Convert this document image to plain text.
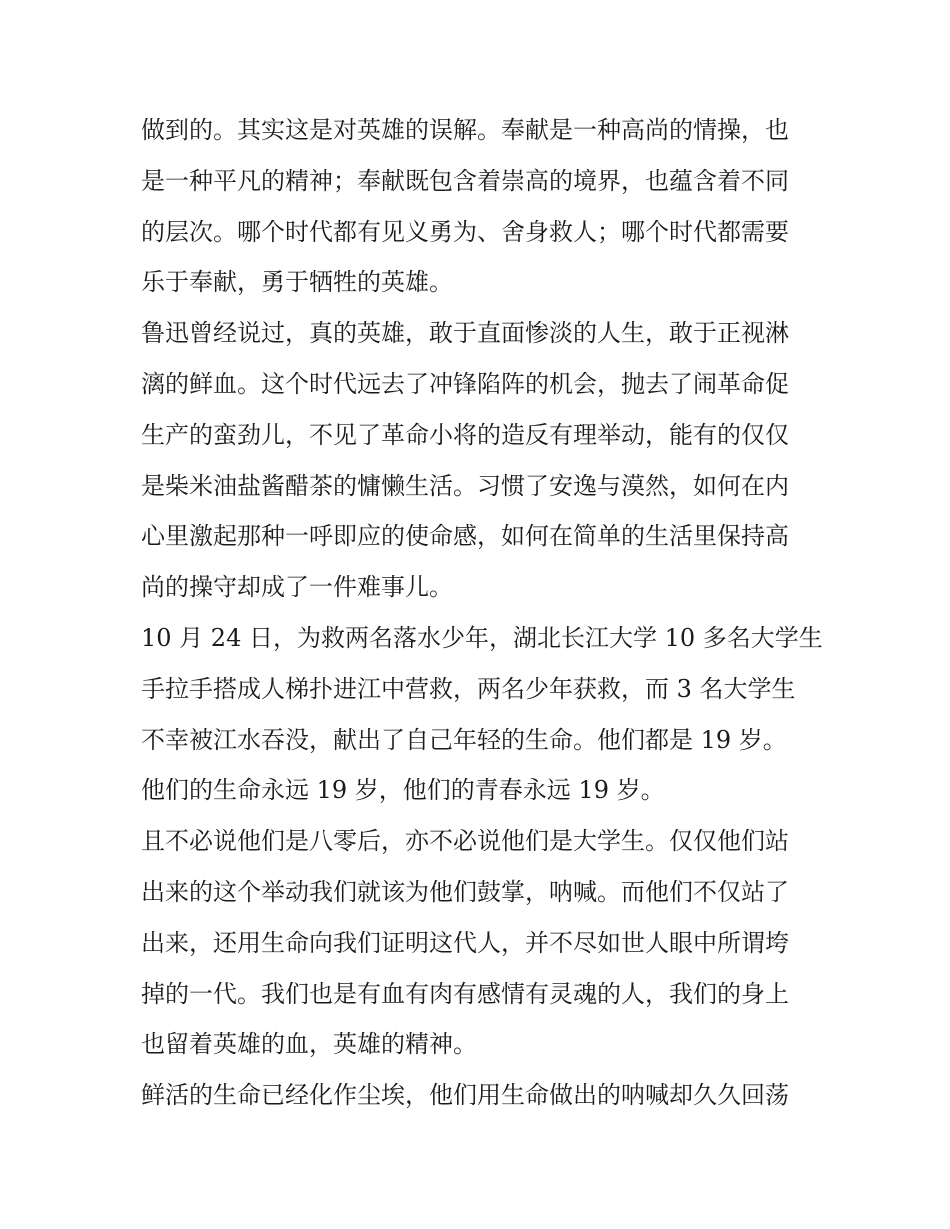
做到的。其实这是对英雄的误解。奉献是一种高尚的情操，也
是一种平凡的精神；奉献既包含着崇高的境界，也蕴含着不同
的层次。哪个时代都有见义勇为、舍身救人；哪个时代都需要
乐于奉献，勇于牺牲的英雄。

鲁迅曾经说过，真的英雄，敢于直面惨淡的人生，敢于正视淋
漓的鲜血。这个时代远去了冲锋陷阵的机会，抛去了闹革命促
生产的蛮劲儿，不见了革命小将的造反有理举动，能有的仅仅
是柴米油盐酱醋茶的慵懒生活。习惯了安逸与漠然，如何在内
心里激起那种一呼即应的使命感，如何在简单的生活里保持高
尚的操守却成了一件难事儿。

10 月 24 日，为救两名落水少年，湖北长江大学 10 多名大学生
手拉手搭成人梯扑进江中营救，两名少年获救，而 3 名大学生
不幸被江水吞没，献出了自己年轻的生命。他们都是 19 岁。

他们的生命永远 19 岁，他们的青春永远 19 岁。

且不必说他们是八零后，亦不必说他们是大学生。仅仅他们站
出来的这个举动我们就该为他们鼓掌，呐喊。而他们不仅站了
出来，还用生命向我们证明这代人，并不尽如世人眼中所谓垮
掉的一代。我们也是有血有肉有感情有灵魂的人，我们的身上
也留着英雄的血，英雄的精神。

鲜活的生命已经化作尘埃，他们用生命做出的呐喊却久久回荡
